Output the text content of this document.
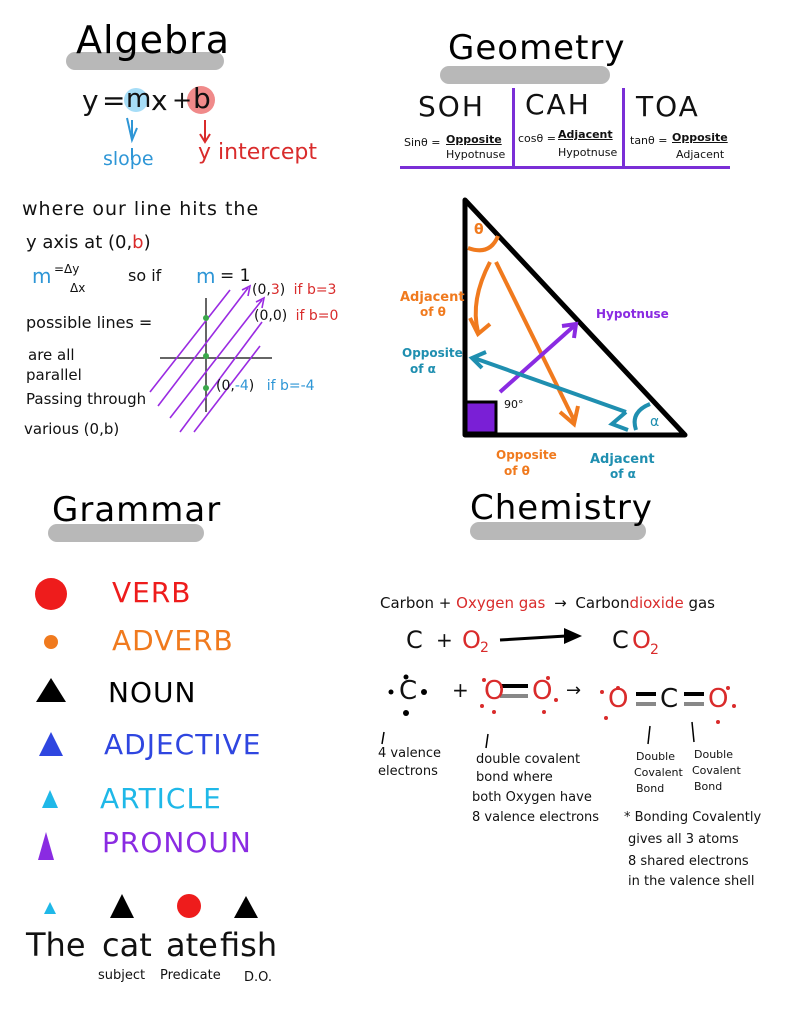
Algebra
y = m x + b
slope y intercept
where our line hits the
y axis at (0,b)
m =Δy
Δx
so if m = 1
possible lines =
are all
parallel
Passing through
various (0,b)
(0,3) if b=3
(0,0) if b=0
(0,-4) if b=-4
Geometry
SOH
Sinθ = Opposite
Hypotnuse
CAH
cosθ = Adjacent
Hypotnuse
TOA
tanθ = Opposite
Adjacent
θ
α
90°
Adjacent
of θ	Hypotnuse
Opposite
of α
Opposite
of θ
Adjacent
of α
Grammar
VERB
ADVERB
NOUN
ADJECTIVE
ARTICLE
PRONOUN
The cat ate fish
subject Predicate D.O.
Chemistry
Carbon + Oxygen gas → Carbondioxide gas
C + O 2	C O 2
C + O O → O C O
4 valence
electrons
double covalent
bond where
both Oxygen have
8 valence electrons
Double
Covalent
Bond
Double
Covalent
Bond
* Bonding Covalently
gives all 3 atoms
8 shared electrons
in the valence shell
